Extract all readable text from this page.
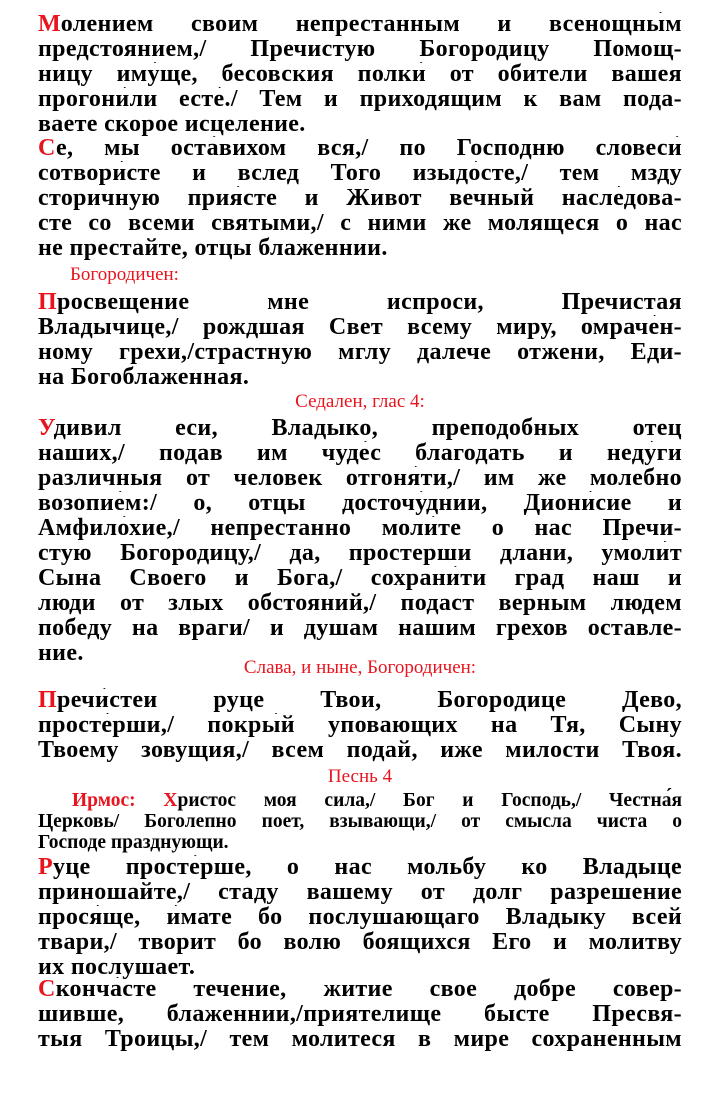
Молением своим непрестанным и всенощны́м
предстоянием,/ Пречистую Богородицу Помощ-
ницу иму́ще, бесовския полки́ от обители вашея
прогони́ли есте́./ Тем и приходящим к вам пода-
ваете скорое исцеление.
Се, мы оста́вихом вся,/ по Господню словеси́
сотвори́сте и вслед Того изыдо́сте,/ тем мзду
сторичную прия́сте и Живот вечный насле́дова-
сте со всеми святыми,/ с ними же молящеся о нас
не престайте, отцы блаженнии.
Богородичен:
Просвещение мне испроси, Пречистая
Владычице,/ рождшая Свет всему миру, омраче́н-
ному грехи,/страстную мглу далече отжени, Еди-
на Богоблаженная.
Седален, глас 4:
Удивил еси, Владыко, преподобных отец
наших,/ подав им чуде́с благодать и неду́ги
различныя от человек отгоня́ти,/ им же молебно
возопие́м:/ о, отцы досточу́днии, Диони́сие и
Амфило́хие,/ непрестанно моли́те о нас Пречи-
стую Богородицу,/ да, простерши длани, умоли́т
Сына Своего и Бога,/ сохрани́ти град наш и
люди от злых обстояний,/ подаст верным людем
победу на враги/ и душам нашим грехов оставле-
ние.
Слава, и ныне, Богородичен:
Пречи́стеи руце Твои, Богородице Дево,
просте́рши,/ покры́й уповающих на Тя, Сыну
Твоему зовущия,/ всем подай, иже милости Твоя.
Песнь 4
Ирмос: Христос моя сила,/ Бог и Господь,/ Честна́я
Церковь/ Боголепно поет, взывающи,/ от смысла чиста о
Господе празднующи.
Руце просте́рше, о нас мольбу ко Владыце
приношайте,/ стаду вашему от долг разрешение
прося́ще, и́мате бо послушающаго Владыку всей
твари,/ творит бо волю боящихся Его и молитву
их послушает.
Сконча́сте течение, житие свое добре совер-
шивше, блаженнии,/приятелище бысте Пресвя-
тыя Троицы,/ тем молитеся в мире сохраненным
